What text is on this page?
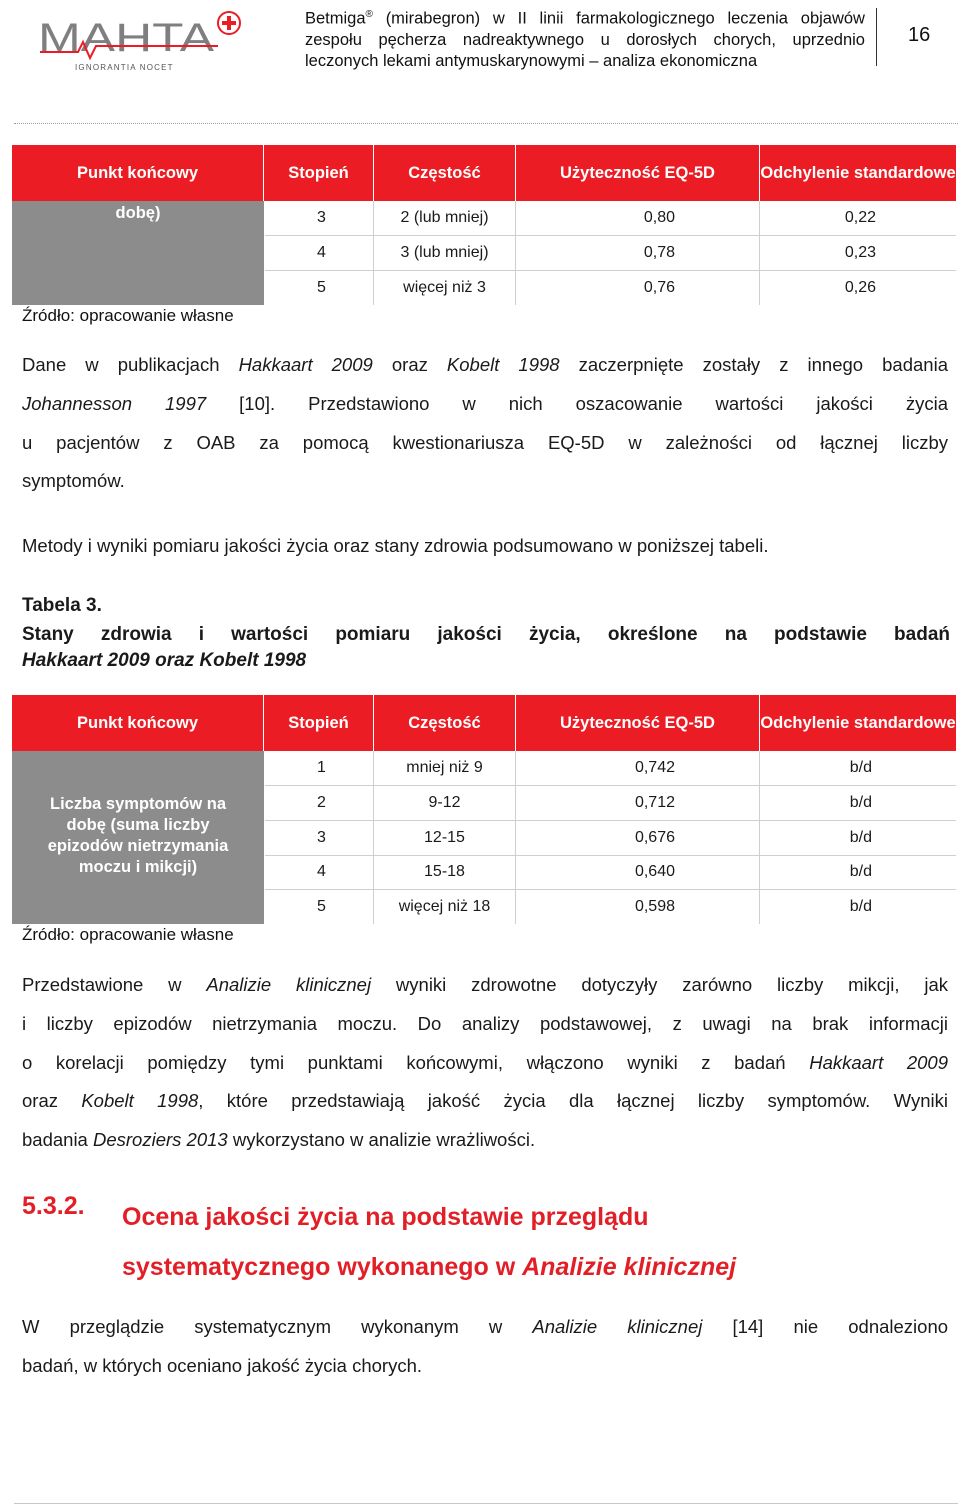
MAHTA
IGNORANTIA NOCET
Betmiga® (mirabegron) w II linii farmakologicznego leczenia objawów zespołu pęcherza nadreaktywnego u dorosłych chorych, uprzednio leczonych lekami antymuskarynowymi – analiza ekonomiczna
16
Punkt końcowy	Stopień	Częstość	Użyteczność EQ-5D	Odchylenie standardowe
dobę)	3	2 (lub mniej)	0,80	0,22
4	3 (lub mniej)	0,78	0,23
5	więcej niż 3	0,76	0,26
Źródło: opracowanie własne
Dane w publikacjach Hakkaart 2009 oraz Kobelt 1998 zaczerpnięte zostały z innego badania
Johannesson 1997 [10]. Przedstawiono w nich oszacowanie wartości jakości życia
u pacjentów z OAB za pomocą kwestionariusza EQ-5D w zależności od łącznej liczby
symptomów.
Metody i wyniki pomiaru jakości życia oraz stany zdrowia podsumowano w poniższej tabeli.
Tabela 3.
Stany zdrowia i wartości pomiaru jakości życia, określone na podstawie badań
Hakkaart 2009 oraz Kobelt 1998
Punkt końcowy	Stopień	Częstość	Użyteczność EQ-5D	Odchylenie standardowe
Liczba symptomów na
dobę (suma liczby
epizodów nietrzymania
moczu i mikcji)
1	mniej niż 9	0,742	b/d
2	9-12	0,712	b/d
3	12-15	0,676	b/d
4	15-18	0,640	b/d
5	więcej niż 18	0,598	b/d
Źródło: opracowanie własne
Przedstawione w Analizie klinicznej wyniki zdrowotne dotyczyły zarówno liczby mikcji, jak
i liczby epizodów nietrzymania moczu. Do analizy podstawowej, z uwagi na brak informacji
o korelacji pomiędzy tymi punktami końcowymi, włączono wyniki z badań Hakkaart 2009
oraz Kobelt 1998, które przedstawiają jakość życia dla łącznej liczby symptomów. Wyniki
badania Desroziers 2013 wykorzystano w analizie wrażliwości.
5.3.2. Ocena jakości życia na podstawie przeglądu
systematycznego wykonanego w Analizie klinicznej
W przeglądzie systematycznym wykonanym w Analizie klinicznej [14] nie odnaleziono
badań, w których oceniano jakość życia chorych.
